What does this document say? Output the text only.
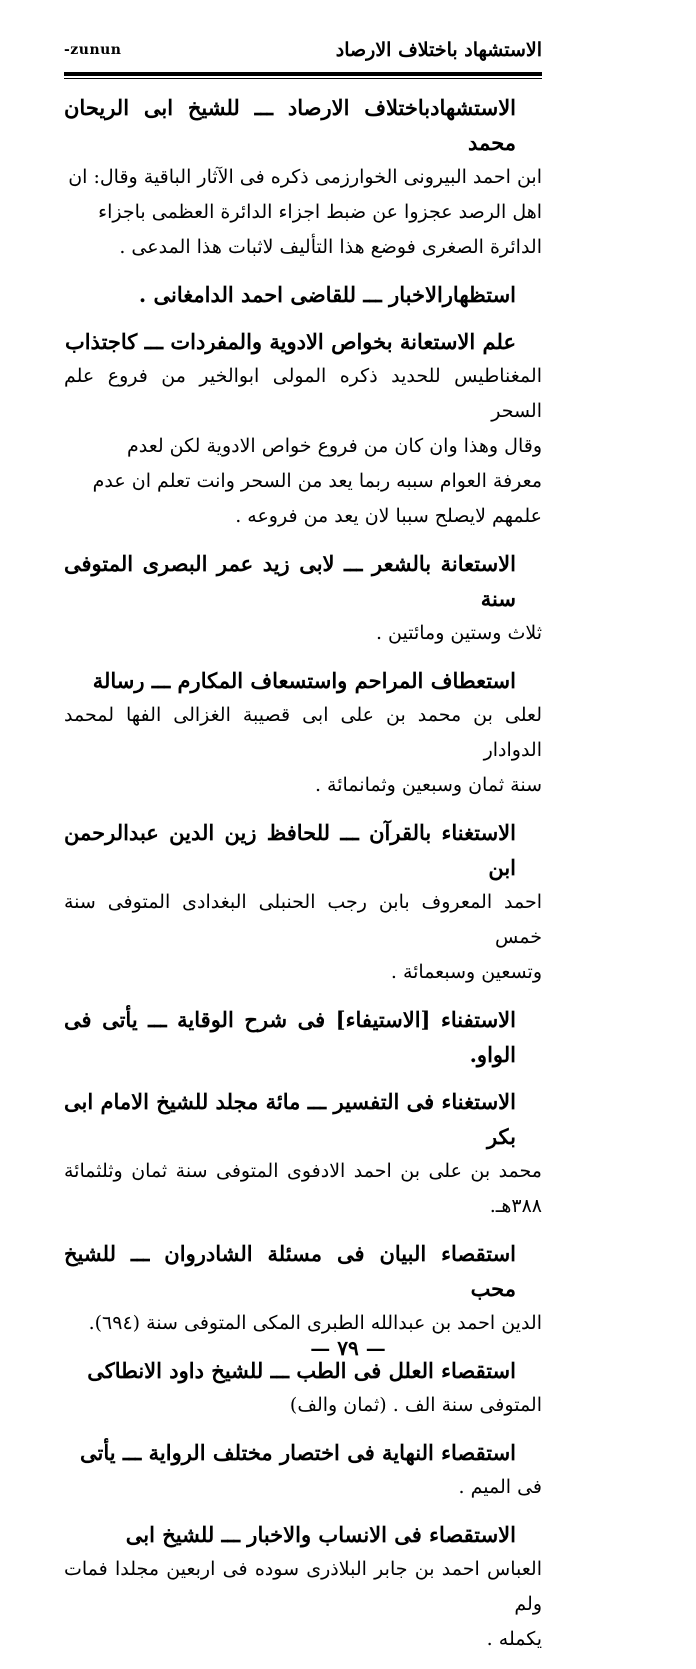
-zunun	الاستشهاد باختلاف الارصاد

الاستشهادباختلاف الارصاد ـــ للشيخ ابى الريحان محمد

ابن احمد البيرونى الخوارزمى ذكره فى الآثار الباقية وقال: ان

اهل الرصد عجزوا عن ضبط اجزاء الدائرة العظمى باجزاء

الدائرة الصغرى فوضع هذا التأليف لاثبات هذا المدعى .

استظهارالاخبار ـــ للقاضى احمد الدامغانى .

علم الاستعانة بخواص الادوية والمفردات ـــ كاجتذاب

المغناطيس للحديد ذكره المولى ابوالخير من فروع علم السحر

وقال وهذا وان كان من فروع خواص الادوية لكن لعدم

معرفة العوام سببه ربما يعد من السحر وانت تعلم ان عدم

علمهم لايصلح سببا لان يعد من فروعه .

الاستعانة بالشعر ـــ لابى زيد عمر البصرى المتوفى سنة

ثلاث وستين ومائتين .

استعطاف المراحم واستسعاف المكارم ـــ رسالة

لعلى بن محمد بن على ابى قصيبة الغزالى الفها لمحمد الدوادار

سنة ثمان وسبعين وثمانمائة .

الاستغناء بالقرآن ـــ للحافظ زين الدين عبدالرحمن ابن

احمد المعروف بابن رجب الحنبلى البغدادى المتوفى سنة خمس

وتسعين وسبعمائة .

الاستفناء [الاستيفاء] فى شرح الوقاية ـــ يأتى فى الواو.

الاستغناء فى التفسير ـــ مائة مجلد للشيخ الامام ابى بكر

محمد بن على بن احمد الادفوى المتوفى سنة ثمان وثلثمائة ٣٨٨هـ.

استقصاء البيان فى مسئلة الشادروان ـــ للشيخ محب

الدين احمد بن عبدالله الطبرى المكى المتوفى سنة (٦٩٤).

استقصاء العلل فى الطب ـــ للشيخ داود الانطاكى

المتوفى سنة الف . (ثمان والف)

استقصاء النهاية فى اختصار مختلف الرواية ـــ يأتى

فى الميم .

الاستقصاء فى الانساب والاخبار ـــ للشيخ ابى

العباس احمد بن جابر البلاذرى سوده فى اربعين مجلدا فمات ولم

يكمله .

— ٧٩ —
